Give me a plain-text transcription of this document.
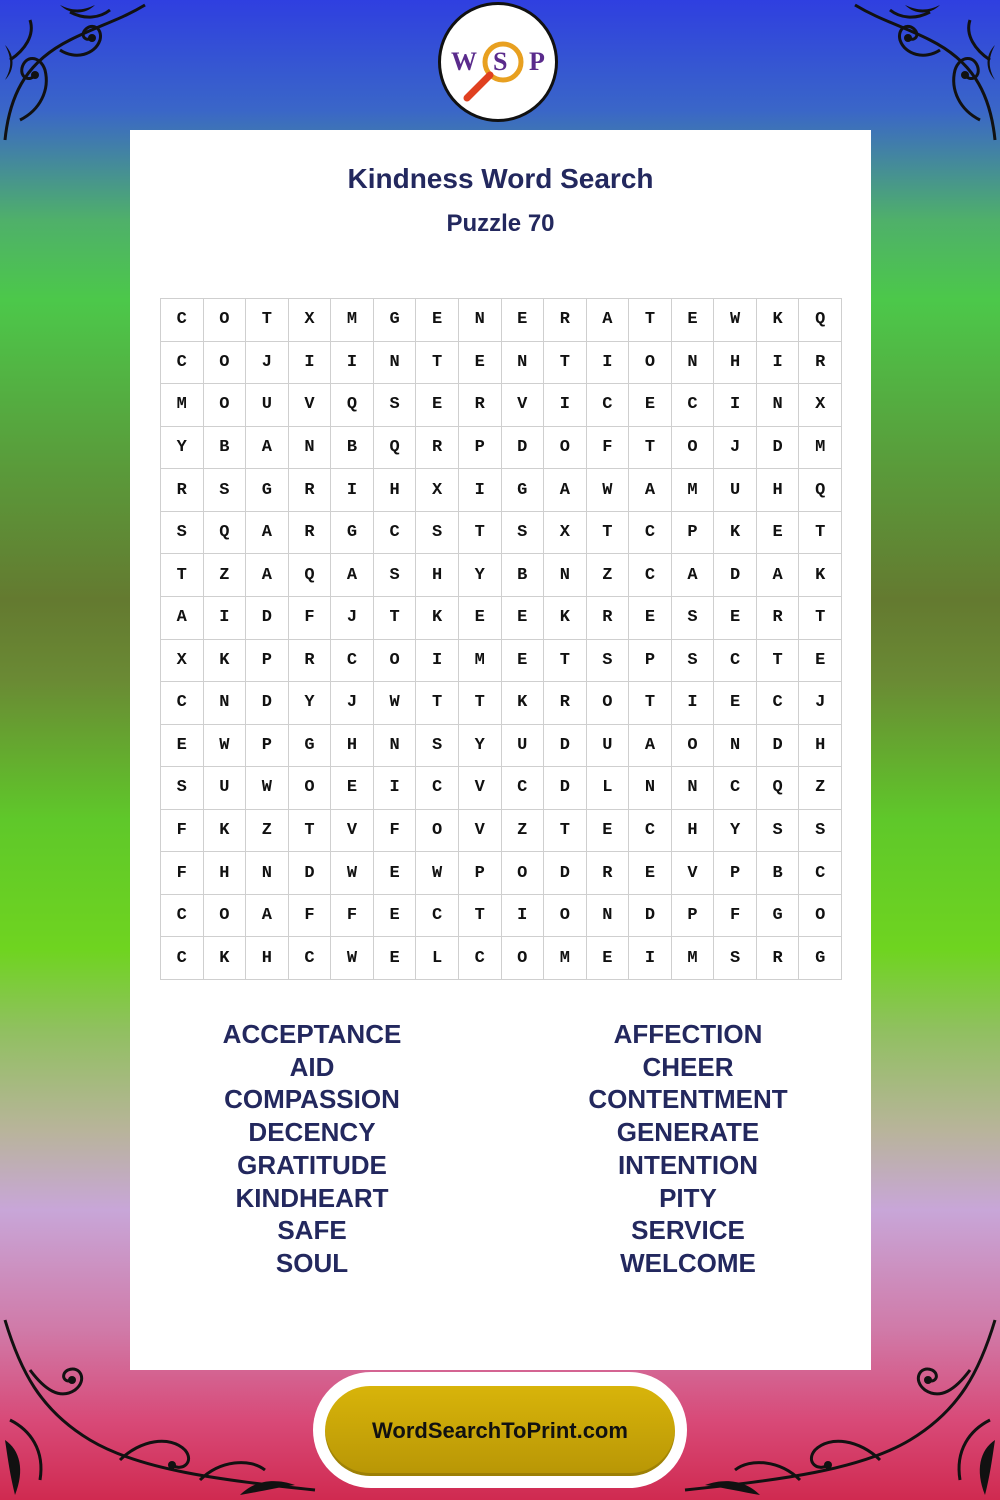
W S P
Kindness Word Search
Puzzle 70
C	O	T	X	M	G	E	N	E	R	A	T	E	W	K	Q
C	O	J	I	I	N	T	E	N	T	I	O	N	H	I	R
M	O	U	V	Q	S	E	R	V	I	C	E	C	I	N	X
Y	B	A	N	B	Q	R	P	D	O	F	T	O	J	D	M
R	S	G	R	I	H	X	I	G	A	W	A	M	U	H	Q
S	Q	A	R	G	C	S	T	S	X	T	C	P	K	E	T
T	Z	A	Q	A	S	H	Y	B	N	Z	C	A	D	A	K
A	I	D	F	J	T	K	E	E	K	R	E	S	E	R	T
X	K	P	R	C	O	I	M	E	T	S	P	S	C	T	E
C	N	D	Y	J	W	T	T	K	R	O	T	I	E	C	J
E	W	P	G	H	N	S	Y	U	D	U	A	O	N	D	H
S	U	W	O	E	I	C	V	C	D	L	N	N	C	Q	Z
F	K	Z	T	V	F	O	V	Z	T	E	C	H	Y	S	S
F	H	N	D	W	E	W	P	O	D	R	E	V	P	B	C
C	O	A	F	F	E	C	T	I	O	N	D	P	F	G	O
C	K	H	C	W	E	L	C	O	M	E	I	M	S	R	G
ACCEPTANCE
AID
COMPASSION
DECENCY
GRATITUDE
KINDHEART
SAFE
SOUL
AFFECTION
CHEER
CONTENTMENT
GENERATE
INTENTION
PITY
SERVICE
WELCOME
WordSearchToPrint.com
